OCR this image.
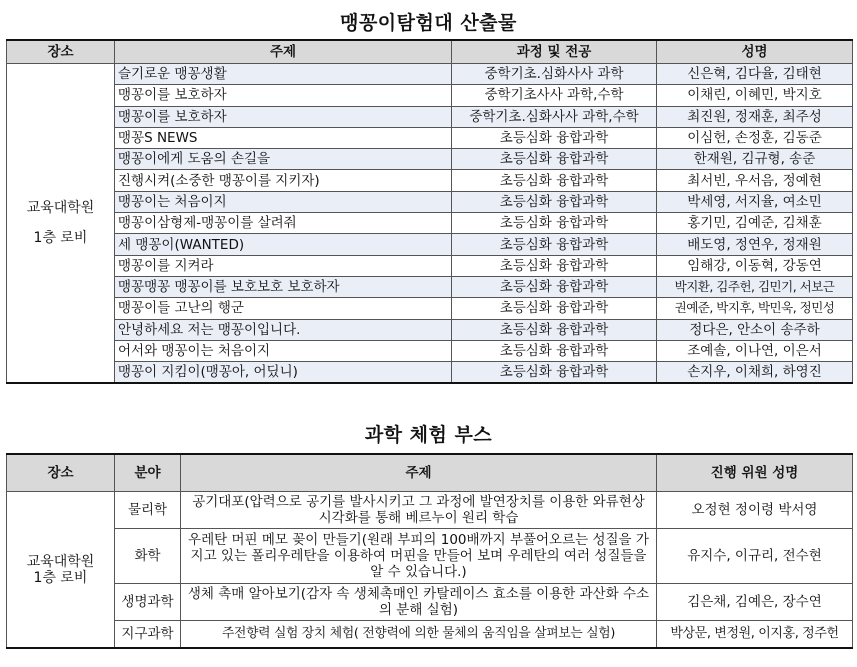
맹꽁이탐험대 산출물
장소	주제	과정 및 전공	성명

교육대학원
1층 로비	슬기로운 맹꽁생활	중학기초.심화사사 과학	신은혁, 김다율, 김태현
	맹꽁이를 보호하자	중학기초사사 과학,수학	이채린, 이혜민, 박지호
	맹꽁이를 보호하자	중학기초.심화사사 과학,수학	최진원, 정재훈, 최주성
	맹꽁S NEWS	초등심화 융합과학	이심헌, 손정훈, 김동준
	맹꽁이에게 도움의 손길을	초등심화 융합과학	한재원, 김규형, 송준
	진행시켜(소중한 맹꽁이를 지키자)	초등심화 융합과학	최서빈, 우서음, 정예현
	맹꽁이는 처음이지	초등심화 융합과학	박세영, 서지율, 여소민
	맹꽁이삼형제-맹꽁이를 살려줘	초등심화 융합과학	홍기민, 김예준, 김채훈
	세 맹꽁이(WANTED)	초등심화 융합과학	배도영, 정연우, 정재원
	맹꽁이를 지켜라	초등심화 융합과학	임해강, 이동혁, 강동연
	맹꽁맹꽁 맹꽁이를 보호보호 보호하자	초등심화 융합과학	박지환, 김주헌, 김민기, 서보근
	맹꽁이들 고난의 행군	초등심화 융합과학	권예준, 박지후, 박민욱, 정민성
	안녕하세요 저는 맹꽁이입니다.	초등심화 융합과학	정다은, 안소이 송주하
	어서와 맹꽁이는 처음이지	초등심화 융합과학	조예솔, 이나연, 이은서
	맹꽁이 지킴이(맹꽁아, 어딨니)	초등심화 융합과학	손지우, 이채희, 하영진
과학 체험 부스
장소	분야	주제	진행 위원 성명

교육대학원
1층 로비	물리학	공기대포(압력으로 공기를 발사시키고 그 과정에 발연장치를 이용한 와류현상 시각화를 통해 베르누이 원리 학습	오정현 정이령 박서영
	화학	우레탄 머핀 메모 꽂이 만들기(원래 부피의 100배까지 부풀어오르는 성질을 가지고 있는 폴리우레탄을 이용하여 머핀을 만들어 보며 우레탄의 여러 성질들을 알 수 있습니다.)	유지수, 이규리, 전수현
	생명과학	생체 촉매 알아보기(감자 속 생체촉매인 카탈레이스 효소를 이용한 과산화 수소의 분해 실험)	김은채, 김예은, 장수연
	지구과학	주전향력 실험 장치 체험( 전향력에 의한 물체의 움직임을 살펴보는 실험)	박상문, 변정원, 이지홍, 정주헌
